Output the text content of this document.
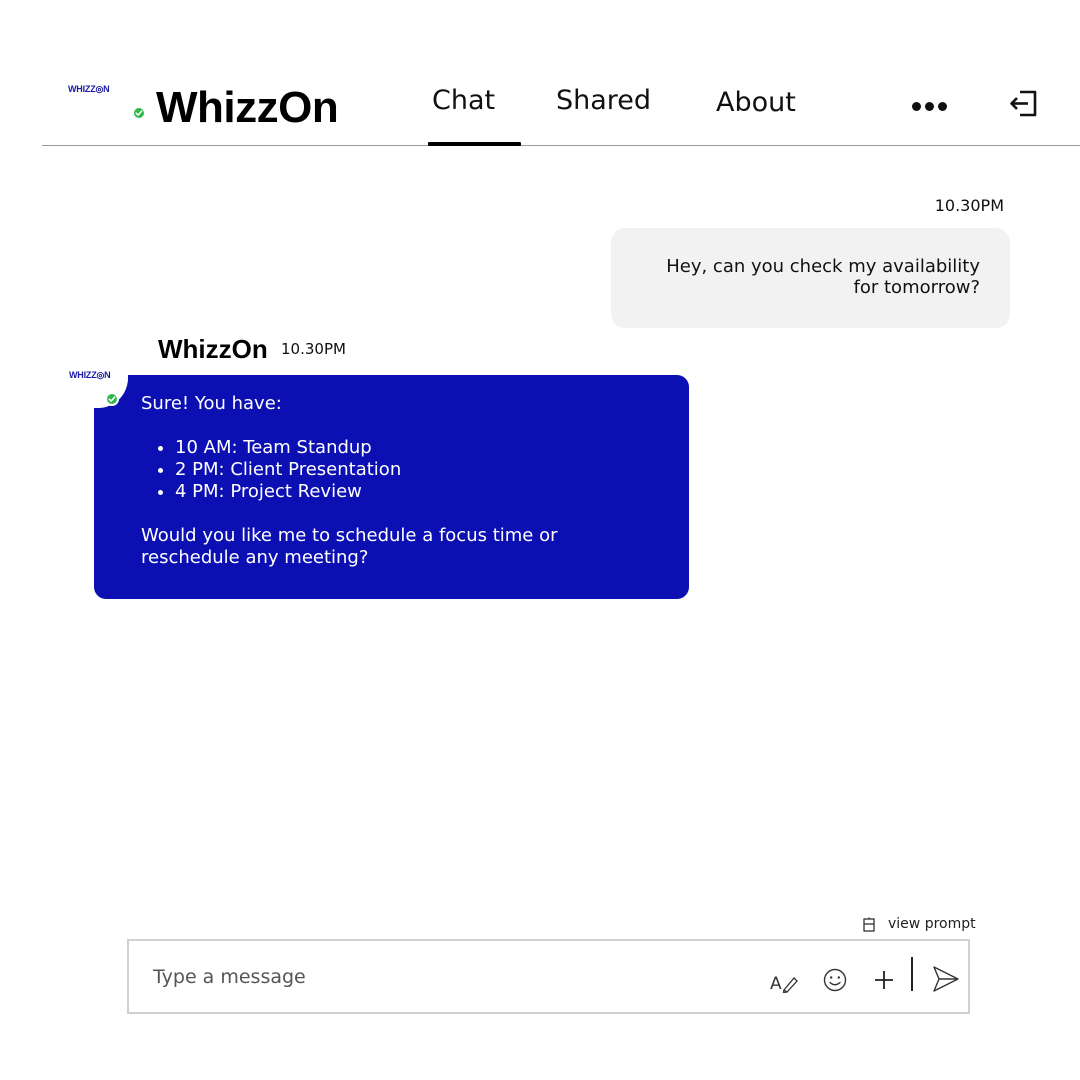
WHIZZ◎N WhizzOn	Chat Shared About
10.30PM
Hey, can you check my availability for tomorrow?
WhizzOn 10.30PM

Sure! You have:

• 10 AM: Team Standup
• 2 PM: Client Presentation
• 4 PM: Project Review

Would you like me to schedule a focus time or reschedule any meeting?

WHIZZ◎N
view prompt
Type a message
A
